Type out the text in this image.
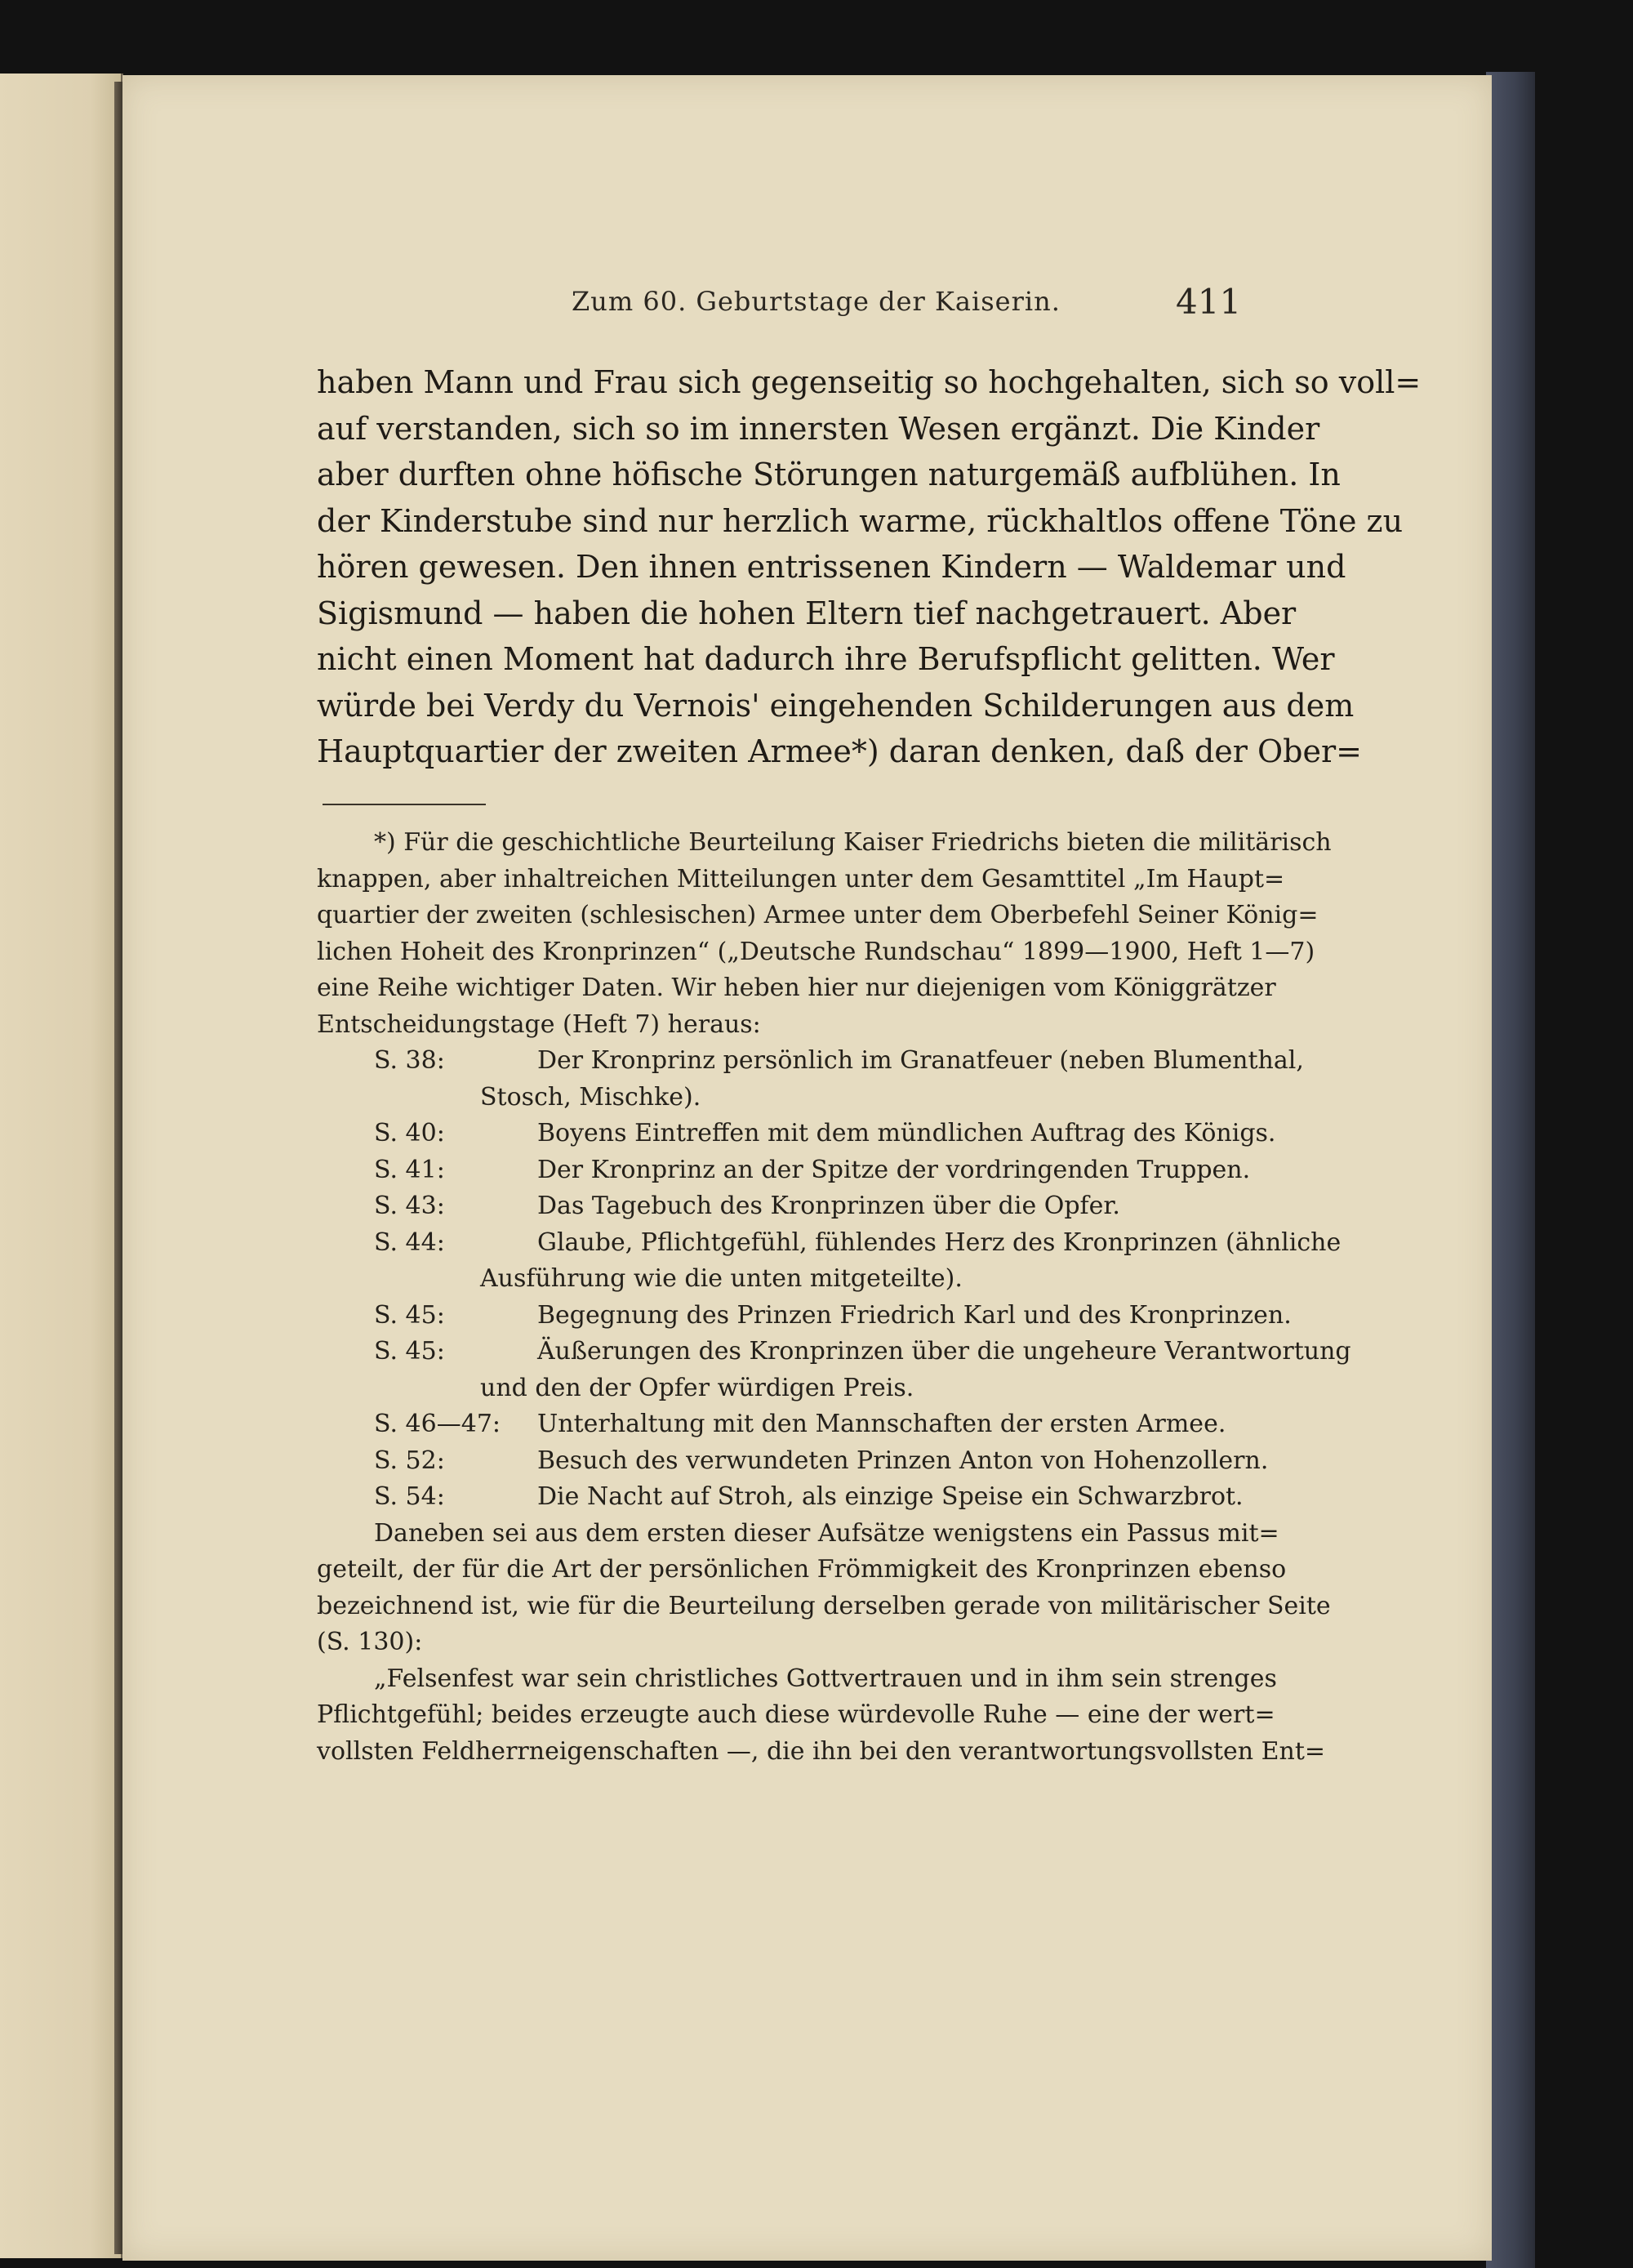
Zum 60. Geburtstage der Kaiserin.	411
haben Mann und Frau sich gegenseitig so hochgehalten, sich so voll=
auf verstanden, sich so im innersten Wesen ergänzt. Die Kinder
aber durften ohne höfische Störungen naturgemäß aufblühen. In
der Kinderstube sind nur herzlich warme, rückhaltlos offene Töne zu
hören gewesen. Den ihnen entrissenen Kindern — Waldemar und
Sigismund — haben die hohen Eltern tief nachgetrauert. Aber
nicht einen Moment hat dadurch ihre Berufspflicht gelitten. Wer
würde bei Verdy du Vernois' eingehenden Schilderungen aus dem
Hauptquartier der zweiten Armee*) daran denken, daß der Ober=
*) Für die geschichtliche Beurteilung Kaiser Friedrichs bieten die militärisch
knappen, aber inhaltreichen Mitteilungen unter dem Gesamttitel „Im Haupt=
quartier der zweiten (schlesischen) Armee unter dem Oberbefehl Seiner König=
lichen Hoheit des Kronprinzen“ („Deutsche Rundschau“ 1899—1900, Heft 1—7)
eine Reihe wichtiger Daten. Wir heben hier nur diejenigen vom Königgrätzer
Entscheidungstage (Heft 7) heraus:
S. 38:	Der Kronprinz persönlich im Granatfeuer (neben Blumenthal,
Stosch, Mischke).
S. 40:	Boyens Eintreffen mit dem mündlichen Auftrag des Königs.
S. 41:	Der Kronprinz an der Spitze der vordringenden Truppen.
S. 43:	Das Tagebuch des Kronprinzen über die Opfer.
S. 44:	Glaube, Pflichtgefühl, fühlendes Herz des Kronprinzen (ähnliche
Ausführung wie die unten mitgeteilte).
S. 45:	Begegnung des Prinzen Friedrich Karl und des Kronprinzen.
S. 45:	Äußerungen des Kronprinzen über die ungeheure Verantwortung
und den der Opfer würdigen Preis.
S. 46—47:	Unterhaltung mit den Mannschaften der ersten Armee.
S. 52:	Besuch des verwundeten Prinzen Anton von Hohenzollern.
S. 54:	Die Nacht auf Stroh, als einzige Speise ein Schwarzbrot.
Daneben sei aus dem ersten dieser Aufsätze wenigstens ein Passus mit=
geteilt, der für die Art der persönlichen Frömmigkeit des Kronprinzen ebenso
bezeichnend ist, wie für die Beurteilung derselben gerade von militärischer Seite
(S. 130):
„Felsenfest war sein christliches Gottvertrauen und in ihm sein strenges
Pflichtgefühl; beides erzeugte auch diese würdevolle Ruhe — eine der wert=
vollsten Feldherrneigenschaften —, die ihn bei den verantwortungsvollsten Ent=
